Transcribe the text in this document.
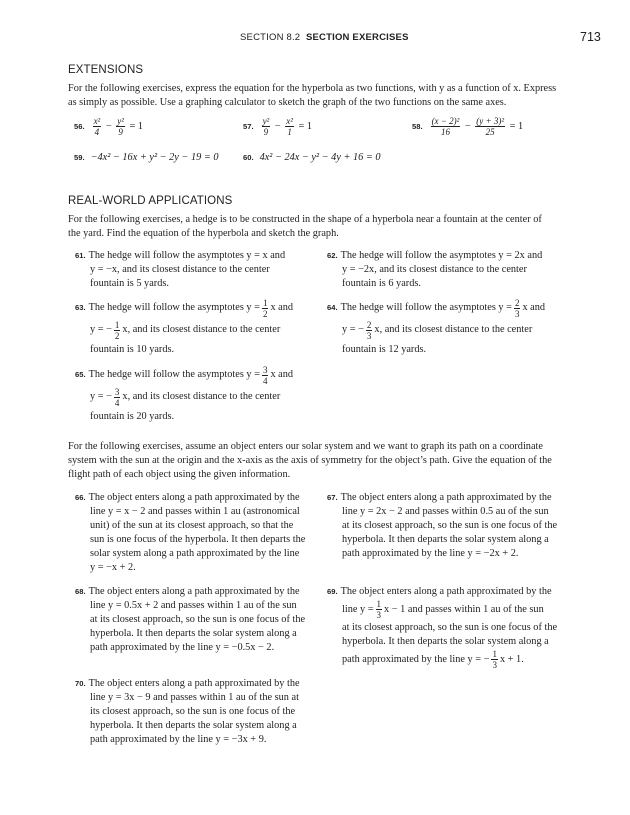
SECTION 8.2 SECTION EXERCISES	713
EXTENSIONS
For the following exercises, express the equation for the hyperbola as two functions, with y as a function of x. Express
as simply as possible. Use a graphing calculator to sketch the graph of the two functions on the same axes.
56. $\frac{\text{x²}}{4} - \frac{\text{y²}}{9}$
= 1	57. $\frac{\text{y²}}{9} - \frac{\text{x²}}{1}$
= 1	58. $\frac{\text{(x − 2)²}}{16} - \frac{\text{(y + 3)²}}{25}$
= 1
59. −4x² − 16x + y² − 2y − 19 = 0	60. 4x² − 24x − y² − 4y + 16 = 0
REAL-WORLD APPLICATIONS
For the following exercises, a hedge is to be constructed in the shape of a hyperbola near a fountain at the center of
the yard. Find the equation of the hyperbola and sketch the graph.
61. The hedge will follow the asymptotes y = x and
y = −x, and its closest distance to the center
fountain is 5 yards.
62. The hedge will follow the asymptotes y = 2x and
y = −2x, and its closest distance to the center
fountain is 6 yards.
63. The hedge will follow the asymptotes $y = \frac{1}{2}$ x and
y = − $\frac{1}{2} x$, and its closest distance to the center
fountain is 10 yards.
64. The hedge will follow the asymptotes $y = \frac{2}{3}$ x and
y = − $\frac{2}{3} x$, and its closest distance to the center
fountain is 12 yards.
65. The hedge will follow the asymptotes $y = \frac{3}{4}$ x and
y = − $\frac{3}{4} x$, and its closest distance to the center
fountain is 20 yards.
For the following exercises, assume an object enters our solar system and we want to graph its path on a coordinate
system with the sun at the origin and the x-axis as the axis of symmetry for the object’s path. Give the equation of the
flight path of each object using the given information.
66. The object enters along a path approximated by the
line y = x − 2 and passes within 1 au (astronomical
unit) of the sun at its closest approach, so that the
sun is one focus of the hyperbola. It then departs the
solar system along a path approximated by the line
y = −x + 2.
67. The object enters along a path approximated by the
line y = 2x − 2 and passes within 0.5 au of the sun
at its closest approach, so the sun is one focus of the
hyperbola. It then departs the solar system along a
path approximated by the line y = −2x + 2.
68. The object enters along a path approximated by the
line y = 0.5x + 2 and passes within 1 au of the sun
at its closest approach, so the sun is one focus of the
hyperbola. It then departs the solar system along a
path approximated by the line y = −0.5x − 2.
69. The object enters along a path approximated by the
line $y = \frac{1}{3}$ x − 1 and passes within 1 au of the sun
at its closest approach, so the sun is one focus of the
hyperbola. It then departs the solar system along a
path approximated by the line y = − $\frac{1}{3}$ x + 1.
70. The object enters along a path approximated by the
line y = 3x − 9 and passes within 1 au of the sun at
its closest approach, so the sun is one focus of the
hyperbola. It then departs the solar system along a
path approximated by the line y = −3x + 9.
